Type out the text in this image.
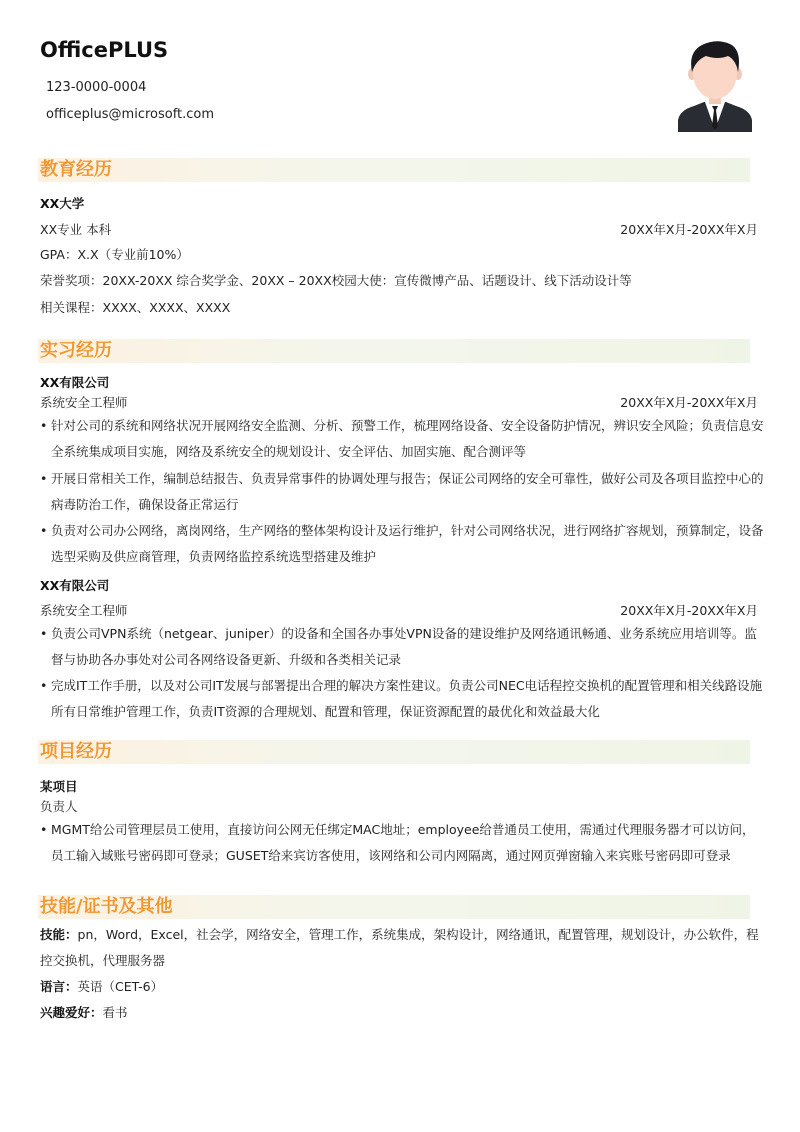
OfficePLUS
123-0000-0004
officeplus@microsoft.com
教育经历
XX大学
XX专业 本科	20XX年X月-20XX年X月
GPA：X.X（专业前10%）
荣誉奖项：20XX-20XX 综合奖学金、20XX – 20XX校园大使：宣传微博产品、话题设计、线下活动设计等
相关课程：XXXX、XXXX、XXXX
实习经历
XX有限公司
系统安全工程师	20XX年X月-20XX年X月
• 针对公司的系统和网络状况开展网络安全监测、分析、预警工作，梳理网络设备、安全设备防护情况，辨识安全风险；负责信息安全系统集成项目实施，网络及系统安全的规划设计、安全评估、加固实施、配合测评等
• 开展日常相关工作，编制总结报告、负责异常事件的协调处理与报告；保证公司网络的安全可靠性，做好公司及各项目监控中心的病毒防治工作，确保设备正常运行
• 负责对公司办公网络，离岗网络，生产网络的整体架构设计及运行维护，针对公司网络状况，进行网络扩容规划，预算制定，设备选型采购及供应商管理，负责网络监控系统选型搭建及维护
XX有限公司
系统安全工程师	20XX年X月-20XX年X月
• 负责公司VPN系统（netgear、juniper）的设备和全国各办事处VPN设备的建设维护及网络通讯畅通、业务系统应用培训等。监督与协助各办事处对公司各网络设备更新、升级和各类相关记录
• 完成IT工作手册，以及对公司IT发展与部署提出合理的解决方案性建议。负责公司NEC电话程控交换机的配置管理和相关线路设施所有日常维护管理工作，负责IT资源的合理规划、配置和管理，保证资源配置的最优化和效益最大化
项目经历
某项目
负责人
• MGMT给公司管理层员工使用，直接访问公网无任绑定MAC地址；employee给普通员工使用，需通过代理服务器才可以访问，员工输入域账号密码即可登录；GUSET给来宾访客使用，该网络和公司内网隔离，通过网页弹窗输入来宾账号密码即可登录
技能/证书及其他
技能：pn，Word，Excel，社会学，网络安全，管理工作，系统集成，架构设计，网络通讯，配置管理，规划设计，办公软件，程控交换机，代理服务器
语言：英语（CET-6）
兴趣爱好：看书
